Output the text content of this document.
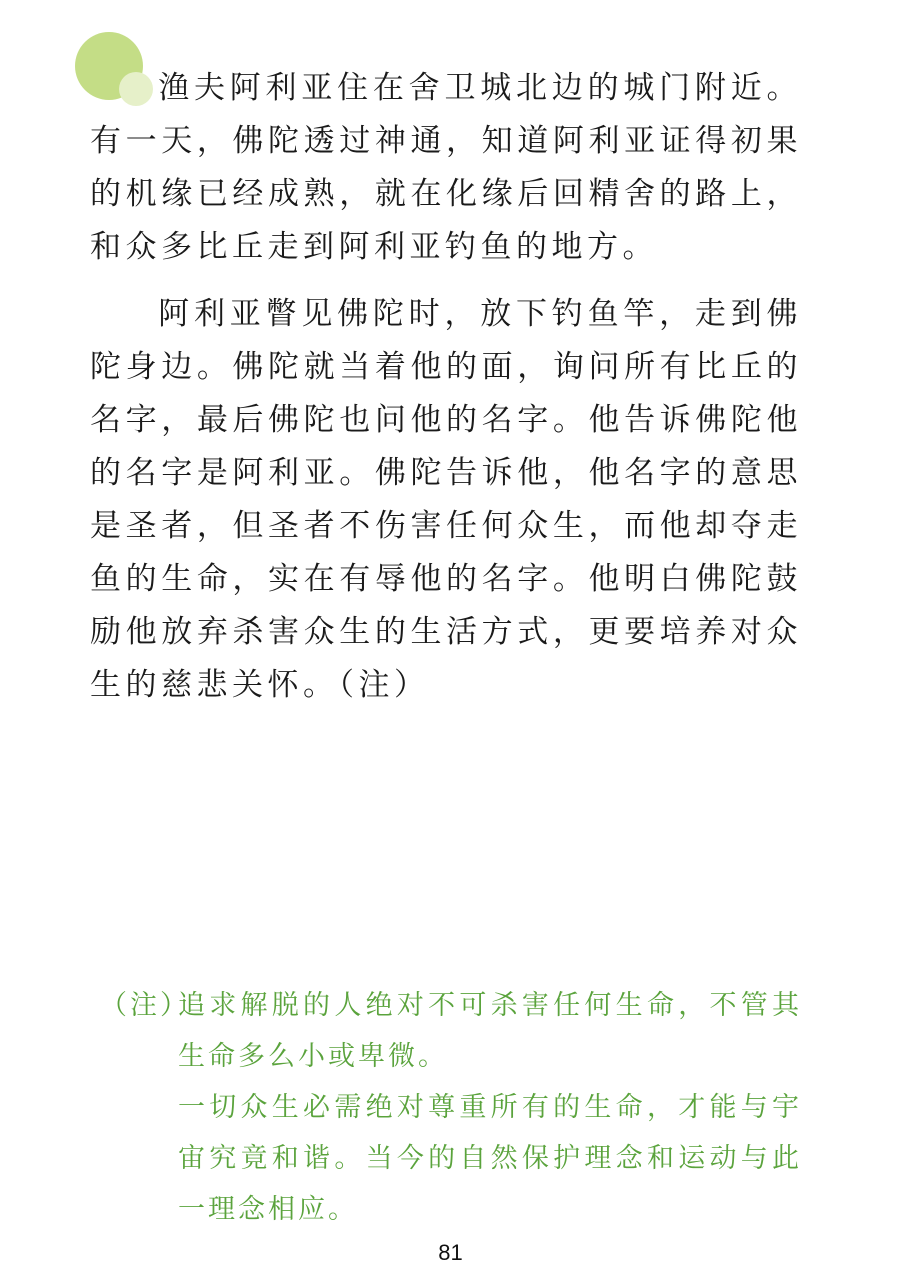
渔夫阿利亚住在舍卫城北边的城门附近。有一天，佛陀透过神通，知道阿利亚证得初果的机缘已经成熟，就在化缘后回精舍的路上，和众多比丘走到阿利亚钓鱼的地方。

阿利亚瞥见佛陀时，放下钓鱼竿，走到佛陀身边。佛陀就当着他的面，询问所有比丘的名字，最后佛陀也问他的名字。他告诉佛陀他的名字是阿利亚。佛陀告诉他，他名字的意思是圣者，但圣者不伤害任何众生，而他却夺走鱼的生命，实在有辱他的名字。他明白佛陀鼓励他放弃杀害众生的生活方式，更要培养对众生的慈悲关怀。（注）

（注）

追求解脱的人绝对不可杀害任何生命，不管其生命多么小或卑微。

一切众生必需绝对尊重所有的生命，才能与宇宙究竟和谐。当今的自然保护理念和运动与此一理念相应。

81
